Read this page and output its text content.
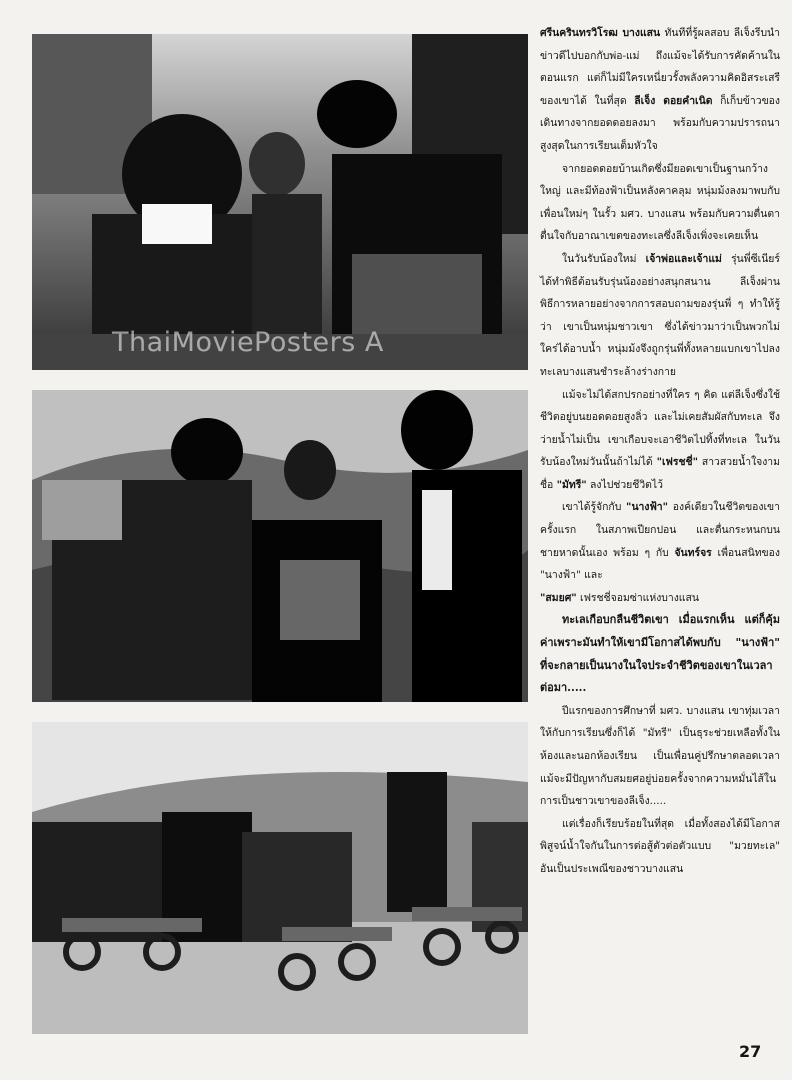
ThaiMoviePosters A

ศรีนครินทรวิโรฒ บางแสน ทันทีที่รู้ผลสอบ ลีเจ็งรีบนำข่าวดีไปบอกกับพ่อ-แม่ ถึงแม้จะได้รับการคัดค้านในตอนแรก แต่ก็ไม่มีใครเหนี่ยวรั้งพลังความคิดอิสระเสรี ของเขาได้ ในที่สุด ลีเจ็ง ดอยคำเนิด ก็เก็บข้าวของเดินทางจากยอดดอยลงมา พร้อมกับความปรารถนาสูงสุดในการเรียนเต็มหัวใจ

จากยอดดอยบ้านเกิดซึ่งมียอดเขาเป็นฐานกว้างใหญ่ และมีท้องฟ้าเป็นหลังคาคลุม หนุ่มม้งลงมาพบกับเพื่อนใหม่ๆ ในรั้ว มศว. บางแสน พร้อมกับความตื่นตาตื่นใจกับอาณาเขตของทะเลซึ่งลีเจ็งเพิ่งจะเคยเห็น

ในวันรับน้องใหม่ เจ้าพ่อและเจ้าแม่ รุ่นพี่ซีเนียร์ ได้ทำพิธีต้อนรับรุ่นน้องอย่างสนุกสนาน ลีเจ็งผ่านพิธีการหลายอย่างจากการสอบถามของรุ่นพี่ ๆ ทำให้รู้ว่า เขาเป็นหนุ่มชาวเขา ซึ่งได้ข่าวมาว่าเป็นพวกไม่ใคร่ได้อาบน้ำ หนุ่มม้งจึงถูกรุ่นพี่ทั้งหลายแบกเขาไปลงทะเลบางแสนชำระล้างร่างกาย

แม้จะไม่ได้สกปรกอย่างที่ใคร ๆ คิด แต่ลีเจ็งซึ่งใช้ชีวิตอยู่บนยอดดอยสูงลิ่ว และไม่เคยสัมผัสกับทะเล จึงว่ายน้ำไม่เป็น เขาเกือบจะเอาชีวิตไปทิ้งที่ทะเล ในวันรับน้องใหม่วันนั้นถ้าไม่ได้ "เฟรชชี่" สาวสวยน้ำใจงาม ชื่อ "มัทรี" ลงไปช่วยชีวิตไว้

เขาได้รู้จักกับ "นางฟ้า" องค์เดียวในชีวิตของเขาครั้งแรก ในสภาพเปียกปอน และตื่นกระหนกบนชายหาดนั้นเอง พร้อม ๆ กับ จันทร์จร เพื่อนสนิทของ "นางฟ้า" และ

"สมยศ" เฟรชชี่จอมซ่าแห่งบางแสน

ทะเลเกือบกลืนชีวิตเขา เมื่อแรกเห็น แต่ก็คุ้มค่าเพราะมันทำให้เขามีโอกาสได้พบกับ "นางฟ้า" ที่จะกลายเป็นนางในใจประจำชีวิตของเขาในเวลาต่อมา.....

ปีแรกของการศึกษาที่ มศว. บางแสน เขาทุ่มเวลาให้กับการเรียนซึ่งก็ได้ "มัทรี" เป็นธุระช่วยเหลือทั้งในห้องและนอกห้องเรียน เป็นเพื่อนคู่ปรึกษาตลอดเวลา แม้จะมีปัญหากับสมยศอยู่บ่อยครั้งจากความหมั่นไส้ในการเป็นชาวเขาของลีเจ็ง.....

แต่เรื่องก็เรียบร้อยในที่สุด เมื่อทั้งสองได้มีโอกาสพิสูจน์น้ำใจกันในการต่อสู้ตัวต่อตัวแบบ "มวยทะเล" อันเป็นประเพณีของชาวบางแสน

27
